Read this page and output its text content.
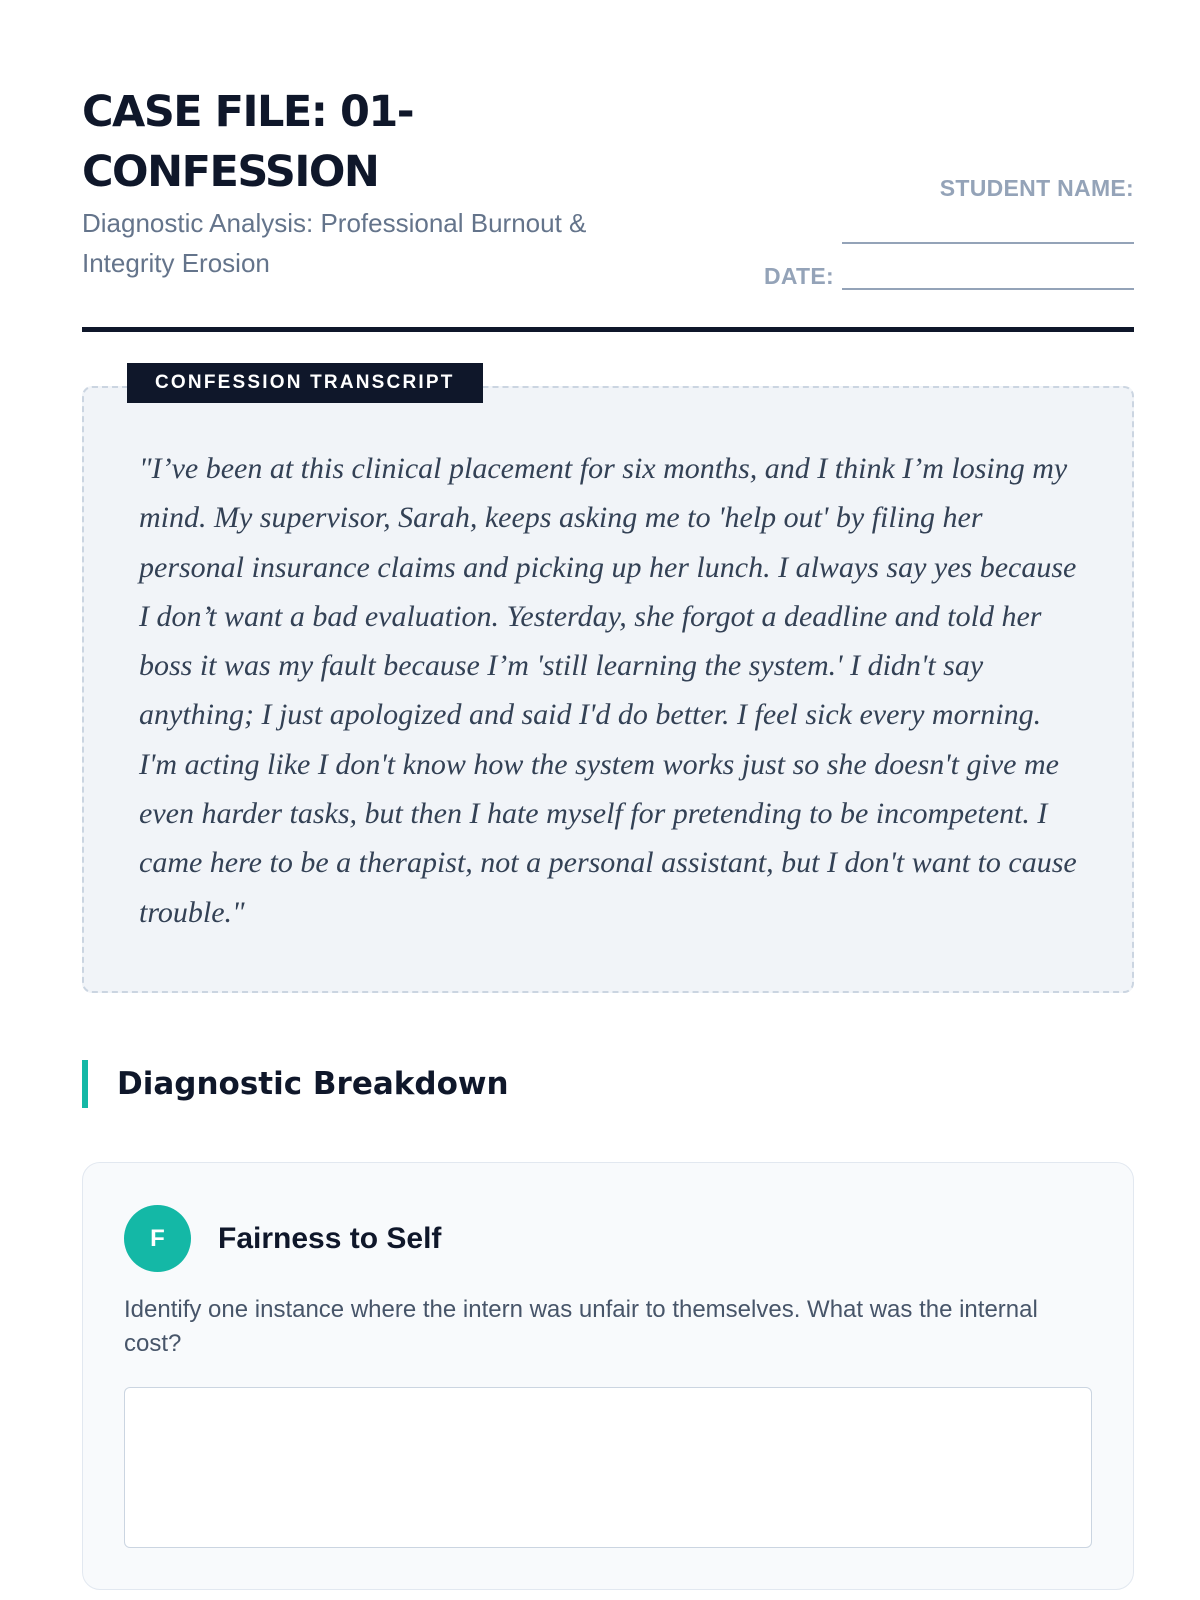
CASE FILE: 01-CONFESSION

Diagnostic Analysis: Professional Burnout & Integrity Erosion

STUDENT NAME:
DATE:
CONFESSION TRANSCRIPT

"I’ve been at this clinical placement for six months, and I think I’m losing my mind. My supervisor, Sarah, keeps asking me to 'help out' by filing her personal insurance claims and picking up her lunch. I always say yes because I don’t want a bad evaluation. Yesterday, she forgot a deadline and told her boss it was my fault because I’m 'still learning the system.' I didn't say anything; I just apologized and said I'd do better. I feel sick every morning. I'm acting like I don't know how the system works just so she doesn't give me even harder tasks, but then I hate myself for pretending to be incompetent. I came here to be a therapist, not a personal assistant, but I don't want to cause trouble."

Diagnostic Breakdown
F	Fairness to Self

Identify one instance where the intern was unfair to themselves. What was the internal cost?
